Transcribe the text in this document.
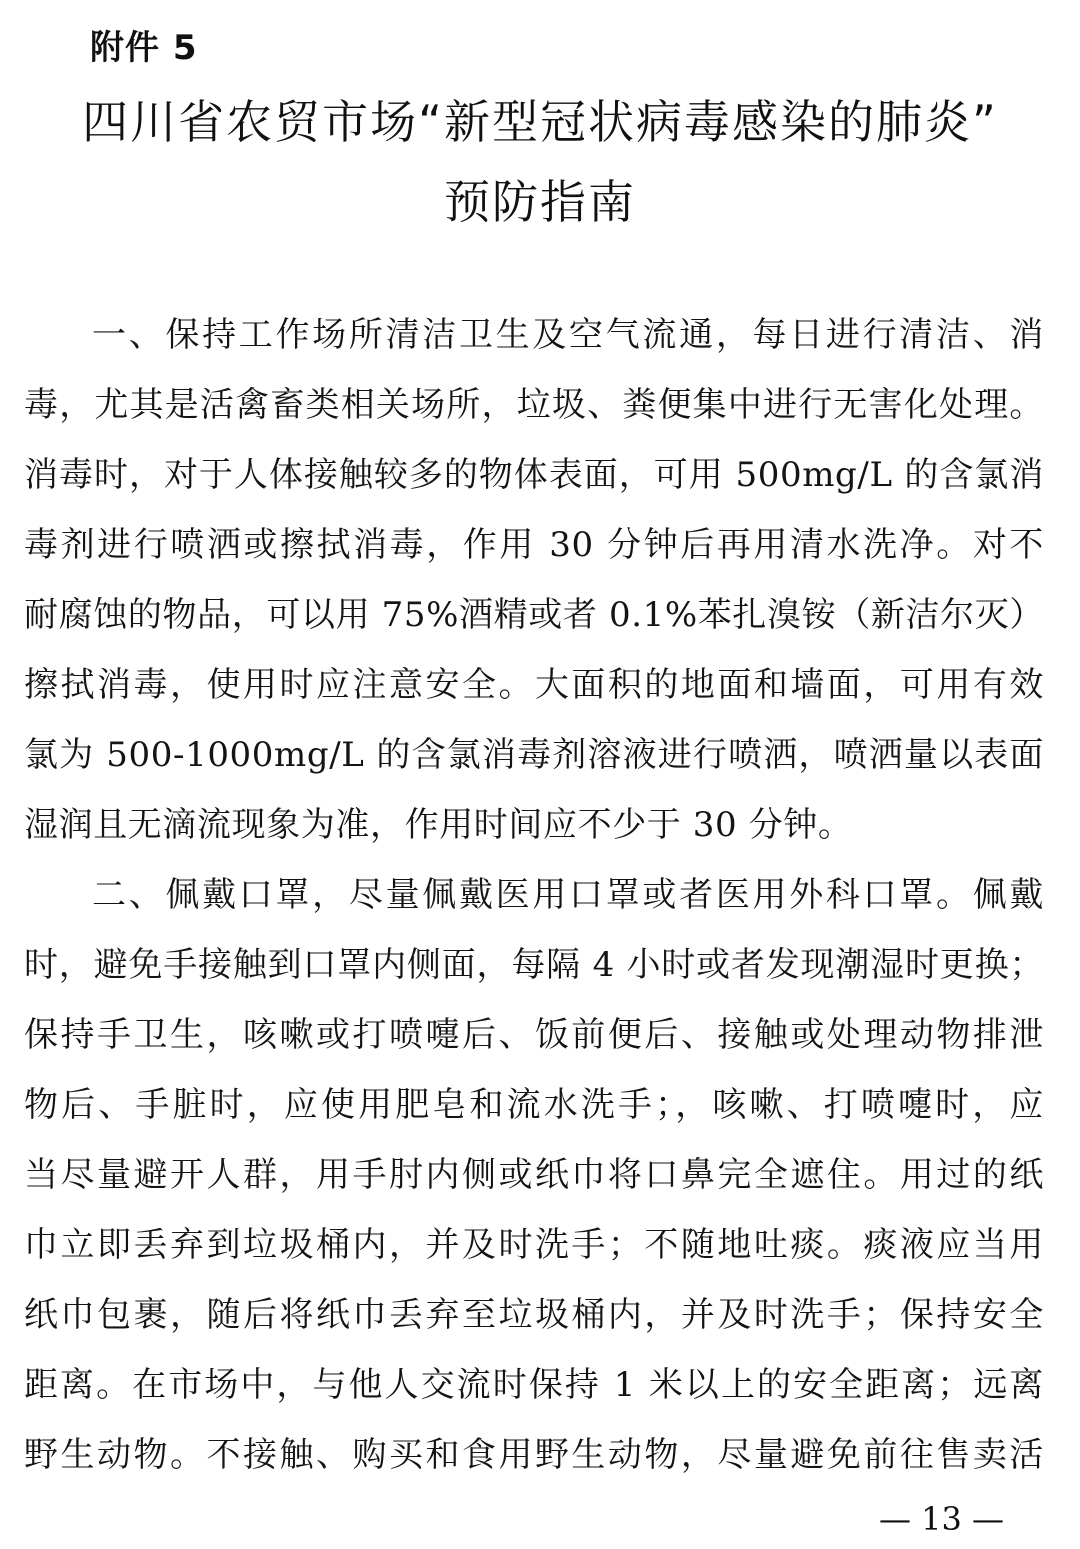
附件 5
四川省农贸市场“新型冠状病毒感染的肺炎”
预防指南
一、保持工作场所清洁卫生及空气流通，每日进行清洁、消
毒，尤其是活禽畜类相关场所，垃圾、粪便集中进行无害化处理。
消毒时，对于人体接触较多的物体表面，可用 500mg/L 的含氯消
毒剂进行喷洒或擦拭消毒，作用 30 分钟后再用清水洗净。对不
耐腐蚀的物品，可以用 75%酒精或者 0.1%苯扎溴铵（新洁尔灭）
擦拭消毒，使用时应注意安全。大面积的地面和墙面，可用有效
氯为 500-1000mg/L 的含氯消毒剂溶液进行喷洒，喷洒量以表面
湿润且无滴流现象为准，作用时间应不少于 30 分钟。
二、佩戴口罩，尽量佩戴医用口罩或者医用外科口罩。佩戴
时，避免手接触到口罩内侧面，每隔 4 小时或者发现潮湿时更换；
保持手卫生，咳嗽或打喷嚏后、饭前便后、接触或处理动物排泄
物后、手脏时，应使用肥皂和流水洗手；，咳嗽、打喷嚏时，应
当尽量避开人群，用手肘内侧或纸巾将口鼻完全遮住。用过的纸
巾立即丢弃到垃圾桶内，并及时洗手；不随地吐痰。痰液应当用
纸巾包裹，随后将纸巾丢弃至垃圾桶内，并及时洗手；保持安全
距离。在市场中，与他人交流时保持 1 米以上的安全距离；远离
野生动物。不接触、购买和食用野生动物，尽量避免前往售卖活
— 13 —
